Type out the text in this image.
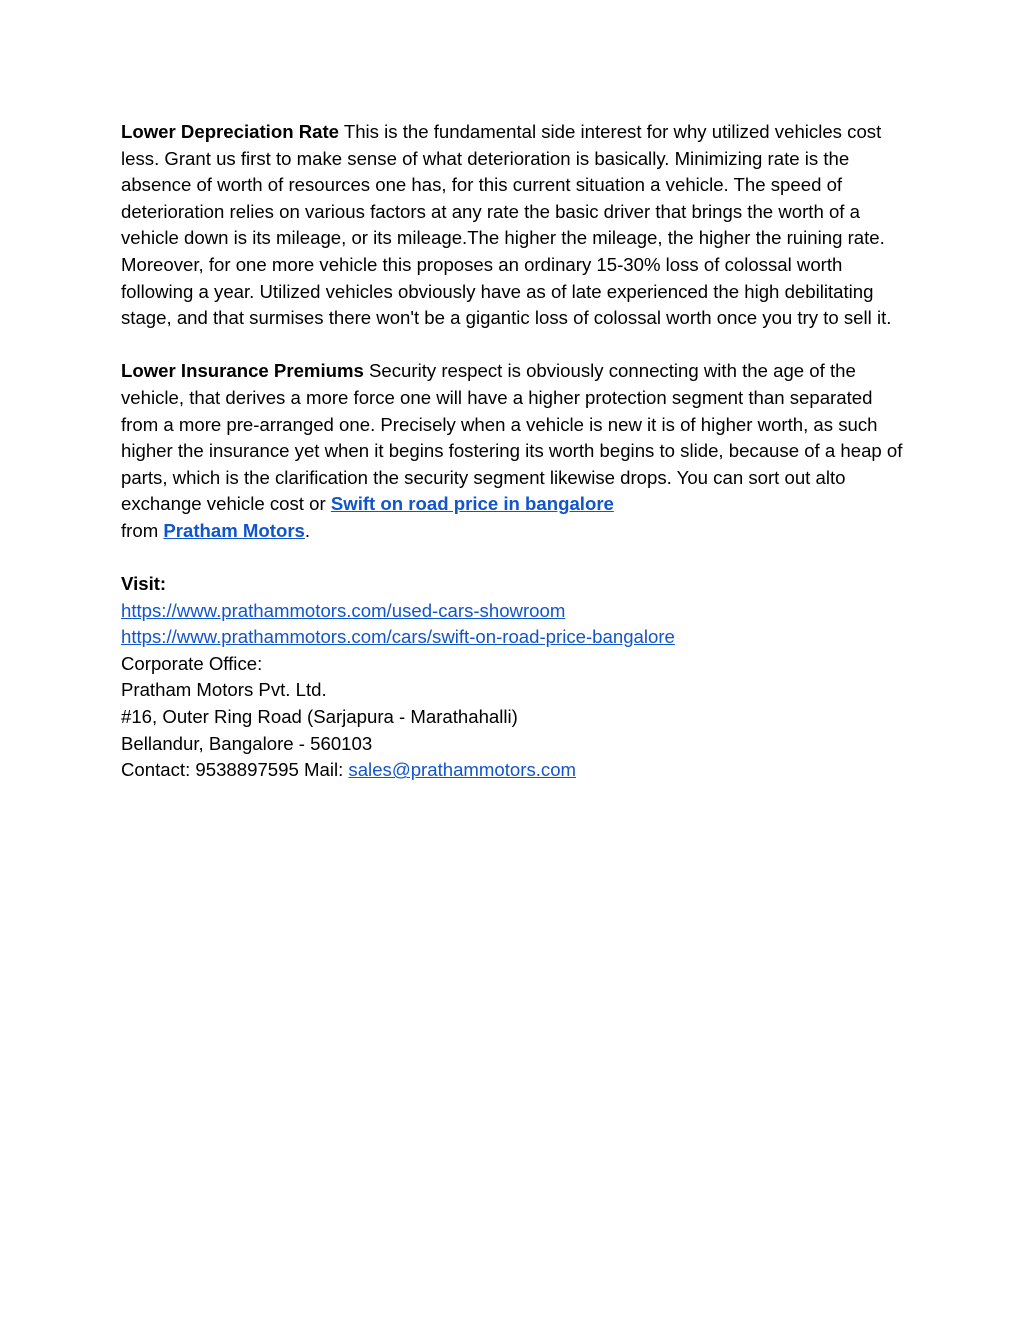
Lower Depreciation Rate This is the fundamental side interest for why utilized vehicles cost less. Grant us first to make sense of what deterioration is basically. Minimizing rate is the absence of worth of resources one has, for this current situation a vehicle. The speed of deterioration relies on various factors at any rate the basic driver that brings the worth of a vehicle down is its mileage, or its mileage.The higher the mileage, the higher the ruining rate. Moreover, for one more vehicle this proposes an ordinary 15-30% loss of colossal worth following a year. Utilized vehicles obviously have as of late experienced the high debilitating stage, and that surmises there won't be a gigantic loss of colossal worth once you try to sell it.

Lower Insurance Premiums Security respect is obviously connecting with the age of the vehicle, that derives a more force one will have a higher protection segment than separated from a more pre-arranged one. Precisely when a vehicle is new it is of higher worth, as such higher the insurance yet when it begins fostering its worth begins to slide, because of a heap of parts, which is the clarification the security segment likewise drops. You can sort out alto exchange vehicle cost or Swift on road price in bangalore
from Pratham Motors.

Visit:
https://www.prathammotors.com/used-cars-showroom
https://www.prathammotors.com/cars/swift-on-road-price-bangalore
Corporate Office:
Pratham Motors Pvt. Ltd.
#16, Outer Ring Road (Sarjapura - Marathahalli)
Bellandur, Bangalore - 560103
Contact: 9538897595 Mail: sales@prathammotors.com
